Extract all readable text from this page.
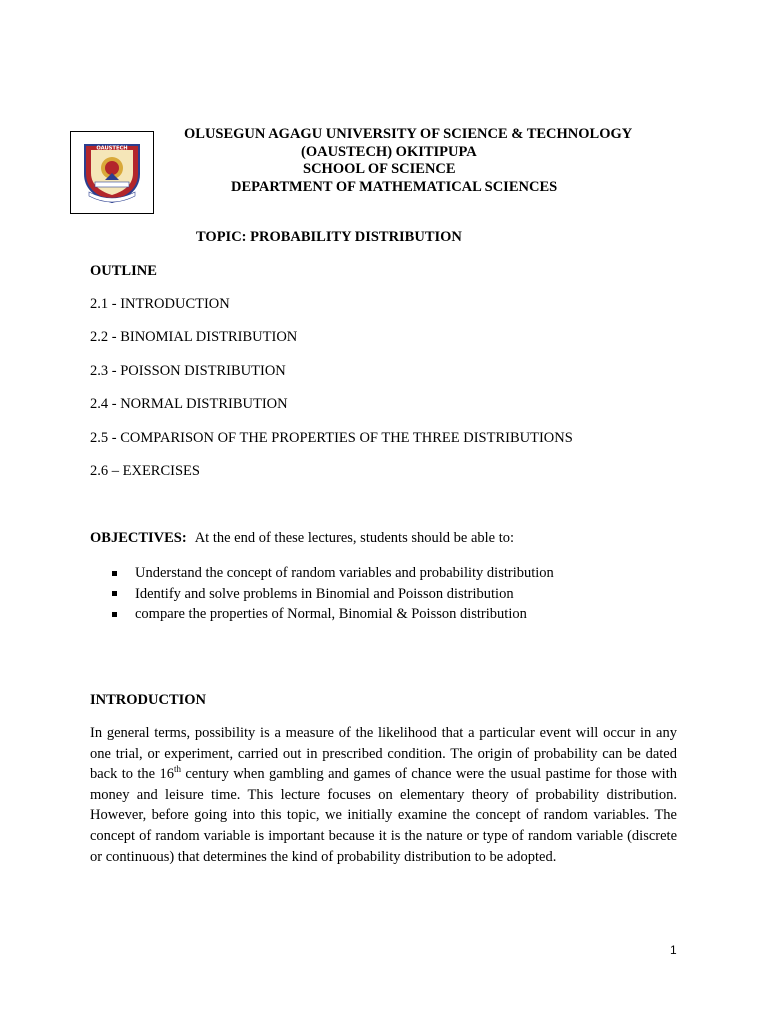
OAUSTECH
OLUSEGUN AGAGU UNIVERSITY OF SCIENCE & TECHNOLOGY
(OAUSTECH) OKITIPUPA
SCHOOL OF SCIENCE
DEPARTMENT OF MATHEMATICAL SCIENCES
TOPIC: PROBABILITY DISTRIBUTION
OUTLINE
2.1 - INTRODUCTION
2.2 - BINOMIAL DISTRIBUTION
2.3 - POISSON DISTRIBUTION
2.4 - NORMAL DISTRIBUTION
2.5 - COMPARISON OF THE PROPERTIES OF THE THREE DISTRIBUTIONS
2.6 – EXERCISES
OBJECTIVES: At the end of these lectures, students should be able to:
Understand the concept of random variables and probability distribution
Identify and solve problems in Binomial and Poisson distribution
compare the properties of Normal, Binomial & Poisson distribution
INTRODUCTION
In general terms, possibility is a measure of the likelihood that a particular event will occur in any one trial, or experiment, carried out in prescribed condition. The origin of probability can be dated back to the 16th century when gambling and games of chance were the usual pastime for those with money and leisure time. This lecture focuses on elementary theory of probability distribution. However, before going into this topic, we initially examine the concept of random variables. The concept of random variable is important because it is the nature or type of random variable (discrete or continuous) that determines the kind of probability distribution to be adopted.
1
